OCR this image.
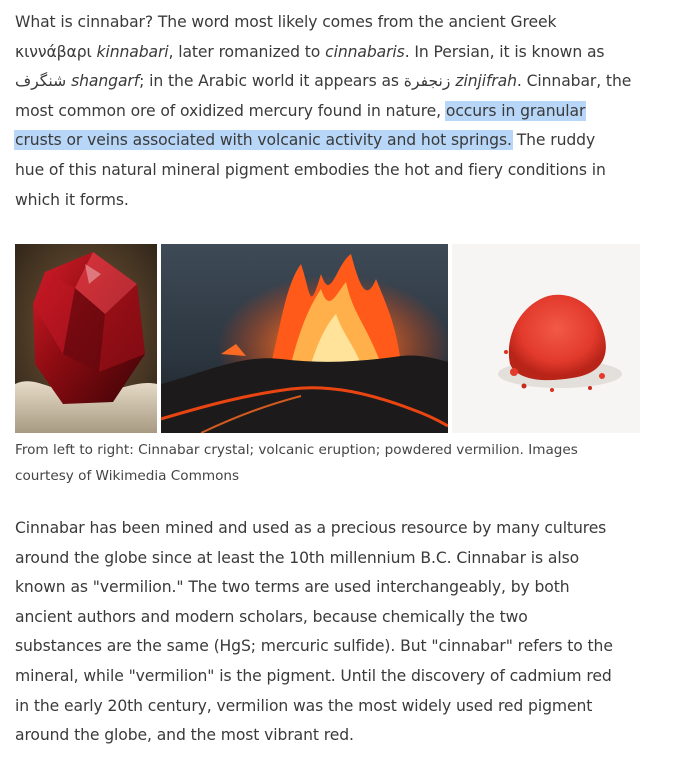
What is cinnabar? The word most likely comes from the ancient Greek
κιννάβαρι kinnabari, later romanized to cinnabaris. In Persian, it is known as
شنگرف shangarf; in the Arabic world it appears as زنجفرة zinjifrah. Cinnabar, the
most common ore of oxidized mercury found in nature, occurs in granular
crusts or veins associated with volcanic activity and hot springs. The ruddy
hue of this natural mineral pigment embodies the hot and fiery conditions in
which it forms.

From left to right: Cinnabar crystal; volcanic eruption; powdered vermilion. Images
courtesy of Wikimedia Commons

Cinnabar has been mined and used as a precious resource by many cultures
around the globe since at least the 10th millennium B.C. Cinnabar is also
known as "vermilion." The two terms are used interchangeably, by both
ancient authors and modern scholars, because chemically the two
substances are the same (HgS; mercuric sulfide). But "cinnabar" refers to the
mineral, while "vermilion" is the pigment. Until the discovery of cadmium red
in the early 20th century, vermilion was the most widely used red pigment
around the globe, and the most vibrant red.
